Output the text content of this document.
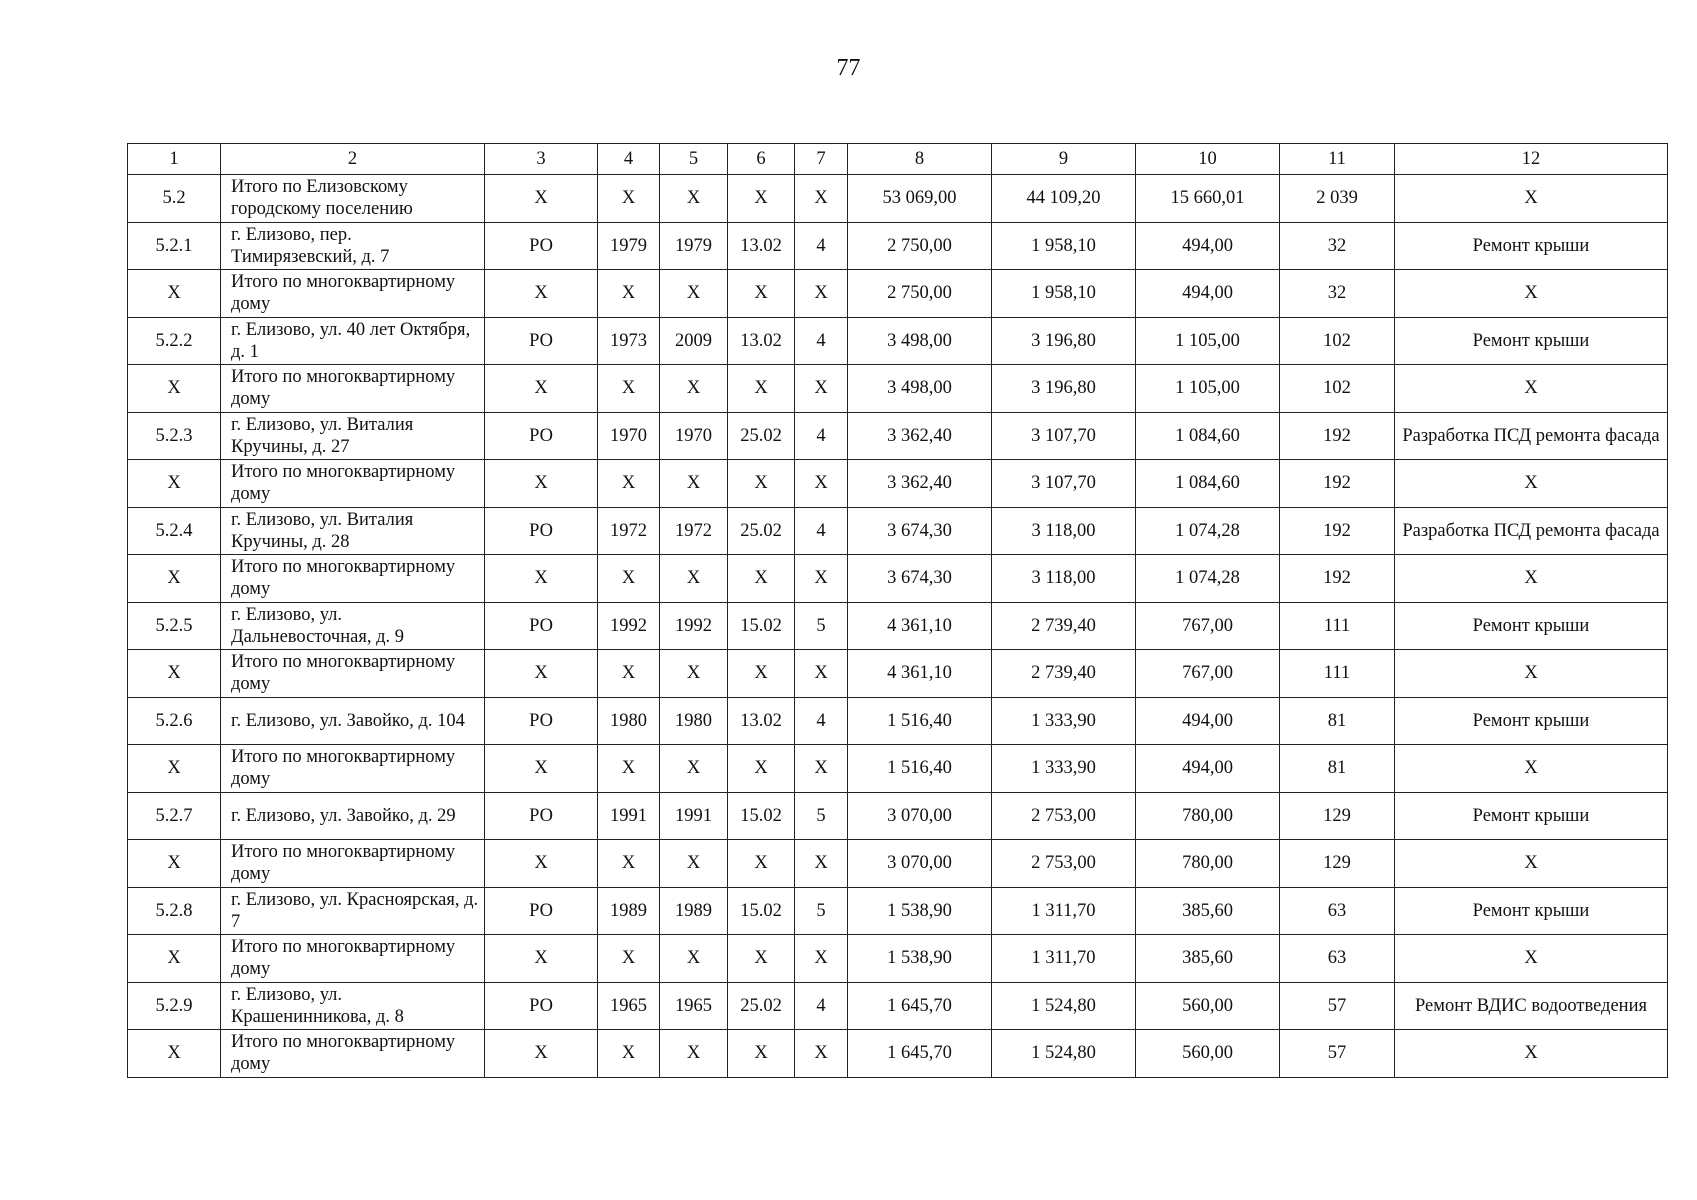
77
1	2	3	4	5	6	7	8	9	10	11	12
5.2	Итого по Елизовскому городскому поселению	X	X	X	X	X	53 069,00	44 109,20	15 660,01	2 039	X
5.2.1	г. Елизово, пер. Тимирязевский, д. 7	РО	1979	1979	13.02	4	2 750,00	1 958,10	494,00	32	Ремонт крыши
X	Итого по многоквартирному дому	X	X	X	X	X	2 750,00	1 958,10	494,00	32	X
5.2.2	г. Елизово, ул. 40 лет Октября, д. 1	РО	1973	2009	13.02	4	3 498,00	3 196,80	1 105,00	102	Ремонт крыши
X	Итого по многоквартирному дому	X	X	X	X	X	3 498,00	3 196,80	1 105,00	102	X
5.2.3	г. Елизово, ул. Виталия Кручины, д. 27	РО	1970	1970	25.02	4	3 362,40	3 107,70	1 084,60	192	Разработка ПСД ремонта фасада
X	Итого по многоквартирному дому	X	X	X	X	X	3 362,40	3 107,70	1 084,60	192	X
5.2.4	г. Елизово, ул. Виталия Кручины, д. 28	РО	1972	1972	25.02	4	3 674,30	3 118,00	1 074,28	192	Разработка ПСД ремонта фасада
X	Итого по многоквартирному дому	X	X	X	X	X	3 674,30	3 118,00	1 074,28	192	X
5.2.5	г. Елизово, ул. Дальневосточная, д. 9	РО	1992	1992	15.02	5	4 361,10	2 739,40	767,00	111	Ремонт крыши
X	Итого по многоквартирному дому	X	X	X	X	X	4 361,10	2 739,40	767,00	111	X
5.2.6	г. Елизово, ул. Завойко, д. 104	РО	1980	1980	13.02	4	1 516,40	1 333,90	494,00	81	Ремонт крыши
X	Итого по многоквартирному дому	X	X	X	X	X	1 516,40	1 333,90	494,00	81	X
5.2.7	г. Елизово, ул. Завойко, д. 29	РО	1991	1991	15.02	5	3 070,00	2 753,00	780,00	129	Ремонт крыши
X	Итого по многоквартирному дому	X	X	X	X	X	3 070,00	2 753,00	780,00	129	X
5.2.8	г. Елизово, ул. Красноярская, д. 7	РО	1989	1989	15.02	5	1 538,90	1 311,70	385,60	63	Ремонт крыши
X	Итого по многоквартирному дому	X	X	X	X	X	1 538,90	1 311,70	385,60	63	X
5.2.9	г. Елизово, ул. Крашенинникова, д. 8	РО	1965	1965	25.02	4	1 645,70	1 524,80	560,00	57	Ремонт ВДИС водоотведения
X	Итого по многоквартирному дому	X	X	X	X	X	1 645,70	1 524,80	560,00	57	X
